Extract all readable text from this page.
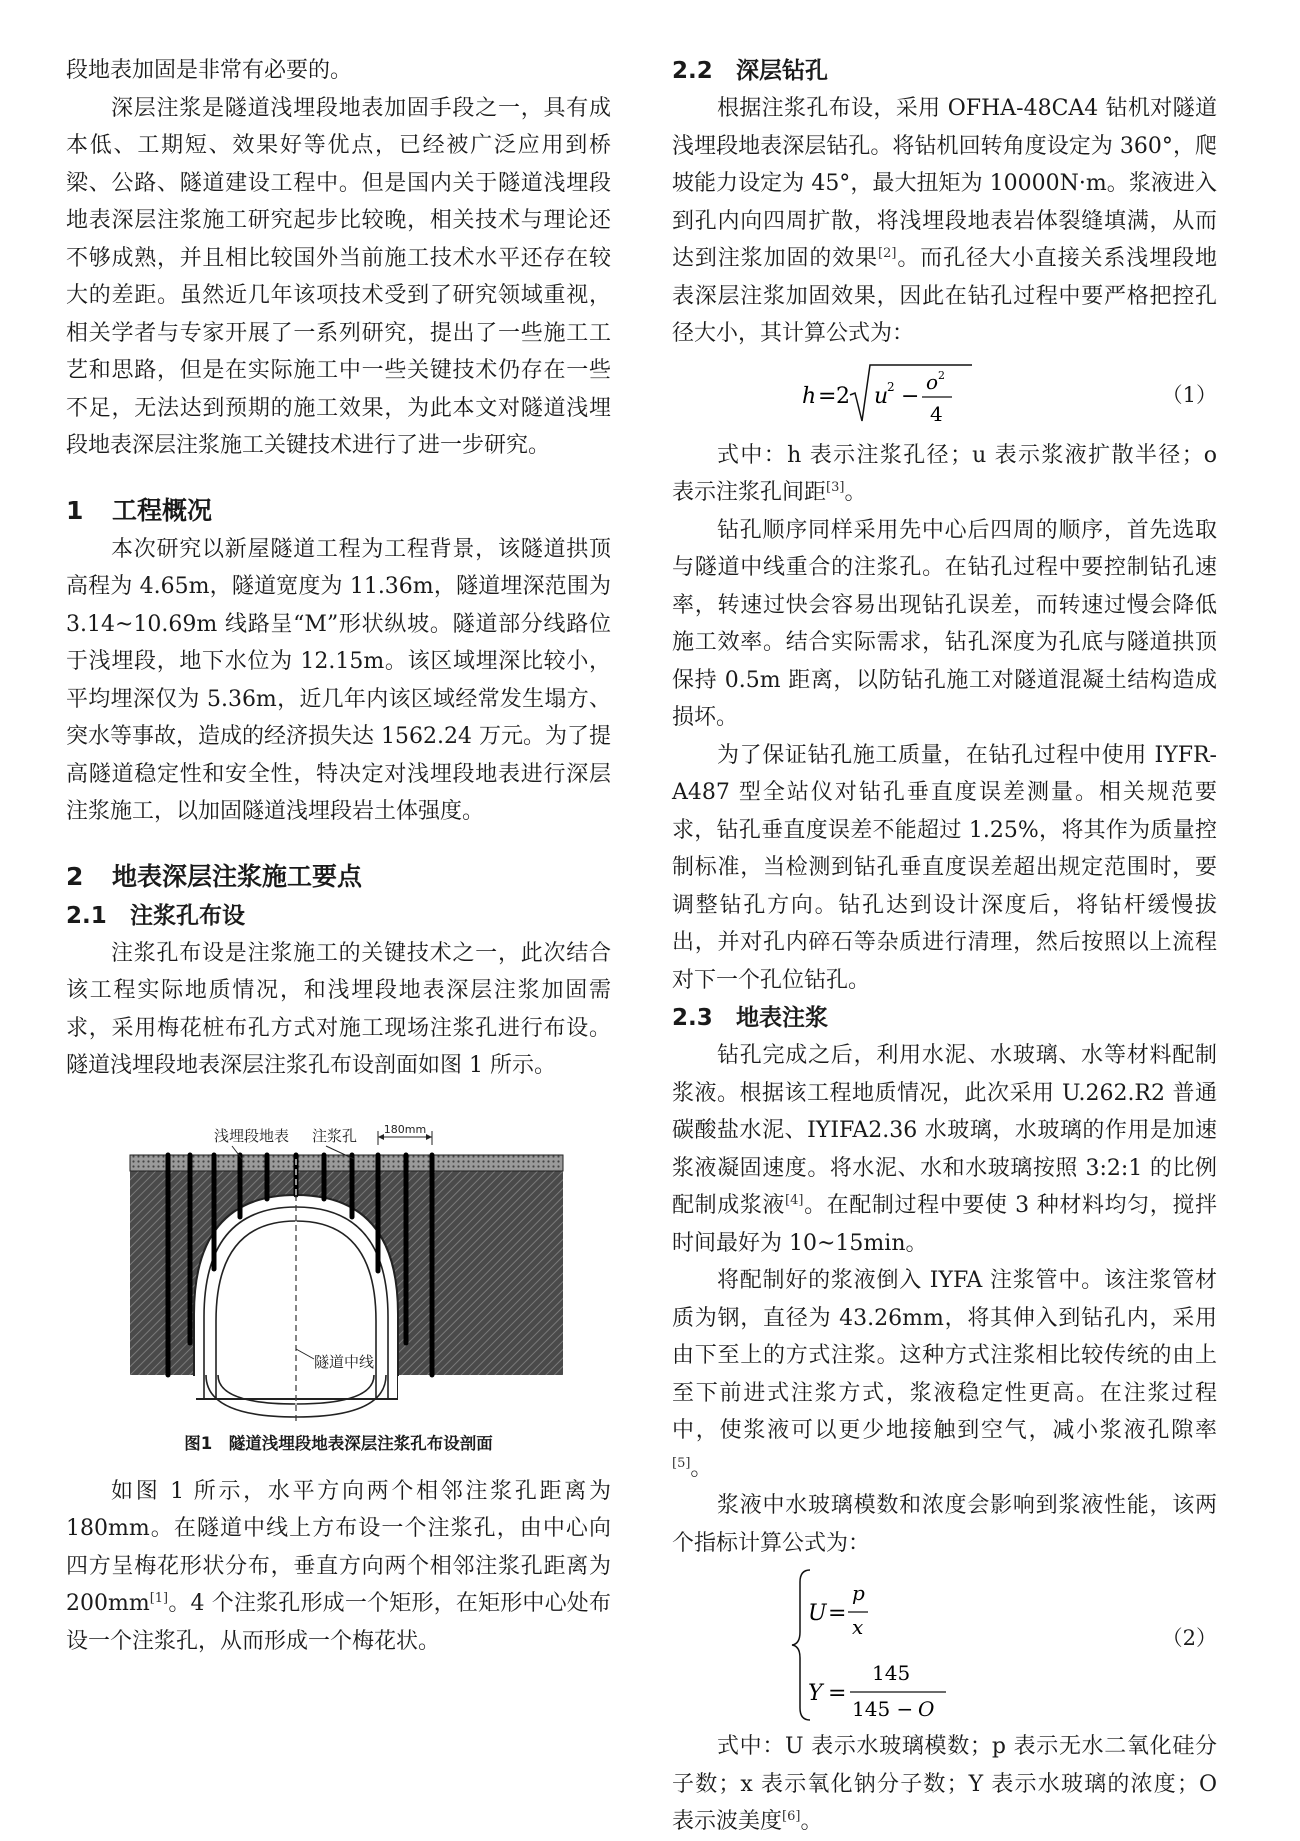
段地表加固是非常有必要的。

深层注浆是隧道浅埋段地表加固手段之一，具有成本低、工期短、效果好等优点，已经被广泛应用到桥梁、公路、隧道建设工程中。但是国内关于隧道浅埋段地表深层注浆施工研究起步比较晚，相关技术与理论还不够成熟，并且相比较国外当前施工技术水平还存在较大的差距。虽然近几年该项技术受到了研究领域重视，相关学者与专家开展了一系列研究，提出了一些施工工艺和思路，但是在实际施工中一些关键技术仍存在一些不足，无法达到预期的施工效果，为此本文对隧道浅埋段地表深层注浆施工关键技术进行了进一步研究。

1 工程概况

本次研究以新屋隧道工程为工程背景，该隧道拱顶高程为 4.65m，隧道宽度为 11.36m，隧道埋深范围为 3.14~10.69m 线路呈“M”形状纵坡。隧道部分线路位于浅埋段，地下水位为 12.15m。该区域埋深比较小，平均埋深仅为 5.36m，近几年内该区域经常发生塌方、突水等事故，造成的经济损失达 1562.24 万元。为了提高隧道稳定性和安全性，特决定对浅埋段地表进行深层注浆施工，以加固隧道浅埋段岩土体强度。

2 地表深层注浆施工要点
2.1 注浆孔布设

注浆孔布设是注浆施工的关键技术之一，此次结合该工程实际地质情况，和浅埋段地表深层注浆加固需求，采用梅花桩布孔方式对施工现场注浆孔进行布设。隧道浅埋段地表深层注浆孔布设剖面如图 1 所示。

隧道中线
浅埋段地表 注浆孔 180mm
图1　隧道浅埋段地表深层注浆孔布设剖面

如图 1 所示，水平方向两个相邻注浆孔距离为 180mm。在隧道中线上方布设一个注浆孔，由中心向四方呈梅花形状分布，垂直方向两个相邻注浆孔距离为 200mm[1]。4 个注浆孔形成一个矩形，在矩形中心处布设一个注浆孔，从而形成一个梅花状。

2.2 深层钻孔

根据注浆孔布设，采用 OFHA-48CA4 钻机对隧道浅埋段地表深层钻孔。将钻机回转角度设定为 360°，爬坡能力设定为 45°，最大扭矩为 10000N·m。浆液进入到孔内向四周扩散，将浅埋段地表岩体裂缝填满，从而达到注浆加固的效果[2]。而孔径大小直接关系浅埋段地表深层注浆加固效果，因此在钻孔过程中要严格把控孔径大小，其计算公式为：

h = 2 u
2 −
o 2
4
（1）

式中：h 表示注浆孔径；u 表示浆液扩散半径；o 表示注浆孔间距[3]。

钻孔顺序同样采用先中心后四周的顺序，首先选取与隧道中线重合的注浆孔。在钻孔过程中要控制钻孔速率，转速过快会容易出现钻孔误差，而转速过慢会降低施工效率。结合实际需求，钻孔深度为孔底与隧道拱顶保持 0.5m 距离，以防钻孔施工对隧道混凝土结构造成损坏。

为了保证钻孔施工质量，在钻孔过程中使用 IYFR-A487 型全站仪对钻孔垂直度误差测量。相关规范要求，钻孔垂直度误差不能超过 1.25%，将其作为质量控制标准，当检测到钻孔垂直度误差超出规定范围时，要调整钻孔方向。钻孔达到设计深度后，将钻杆缓慢拔出，并对孔内碎石等杂质进行清理，然后按照以上流程对下一个孔位钻孔。

2.3 地表注浆

钻孔完成之后，利用水泥、水玻璃、水等材料配制浆液。根据该工程地质情况，此次采用 U.262.R2 普通碳酸盐水泥、IYIFA2.36 水玻璃，水玻璃的作用是加速浆液凝固速度。将水泥、水和水玻璃按照 3:2:1 的比例配制成浆液[4]。在配制过程中要使 3 种材料均匀，搅拌时间最好为 10~15min。

将配制好的浆液倒入 IYFA 注浆管中。该注浆管材质为钢，直径为 43.26mm，将其伸入到钻孔内，采用由下至上的方式注浆。这种方式注浆相比较传统的由上至下前进式注浆方式，浆液稳定性更高。在注浆过程中，使浆液可以更少地接触到空气，减小浆液孔隙率[5]。

浆液中水玻璃模数和浓度会影响到浆液性能，该两个指标计算公式为：

U =
p
x
Y =
145
145 − O
（2）

式中：U 表示水玻璃模数；p 表示无水二氧化硅分子数；x 表示氧化钠分子数；Y 表示水玻璃的浓度；O 表示波美度[6]。
